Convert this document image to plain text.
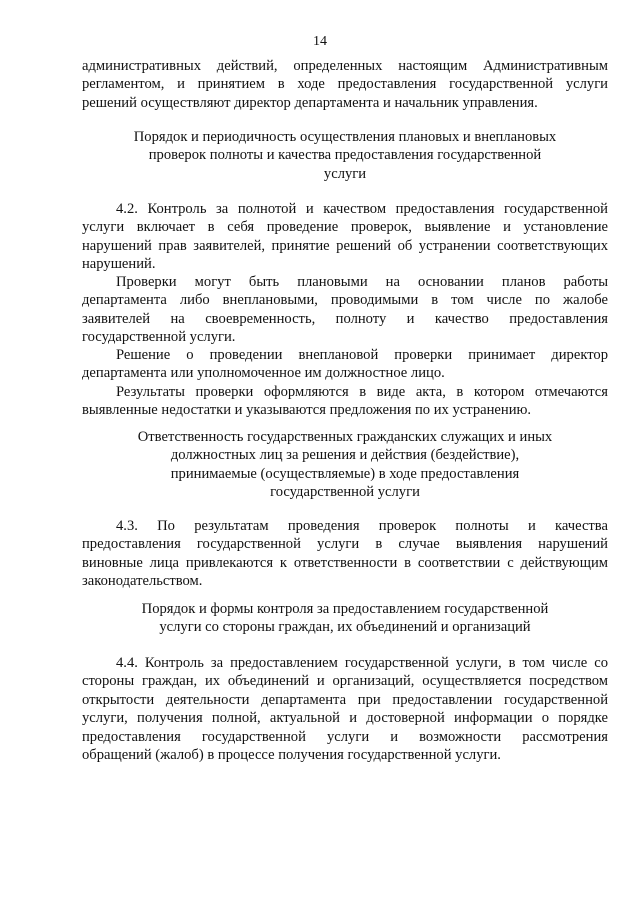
14

административных действий, определенных настоящим Административным

регламентом, и принятием в ходе предоставления государственной услуги

решений осуществляют директор департамента и начальник управления.

Порядок и периодичность осуществления плановых и внеплановых

проверок полноты и качества предоставления государственной

услуги

4.2. Контроль за полнотой и качеством предоставления государственной

услуги включает в себя проведение проверок, выявление и установление

нарушений прав заявителей, принятие решений об устранении соответствующих

нарушений.

Проверки могут быть плановыми на основании планов работы

департамента либо внеплановыми, проводимыми в том числе по жалобе

заявителей на своевременность, полноту и качество предоставления

государственной услуги.

Решение о проведении внеплановой проверки принимает директор

департамента или уполномоченное им должностное лицо.

Результаты проверки оформляются в виде акта, в котором отмечаются

выявленные недостатки и указываются предложения по их устранению.

Ответственность государственных гражданских служащих и иных

должностных лиц за решения и действия (бездействие),

принимаемые (осуществляемые) в ходе предоставления

государственной услуги

4.3. По результатам проведения проверок полноты и качества

предоставления государственной услуги в случае выявления нарушений

виновные лица привлекаются к ответственности в соответствии с действующим

законодательством.

Порядок и формы контроля за предоставлением государственной

услуги со стороны граждан, их объединений и организаций

4.4. Контроль за предоставлением государственной услуги, в том числе со

стороны граждан, их объединений и организаций, осуществляется посредством

открытости деятельности департамента при предоставлении государственной

услуги, получения полной, актуальной и достоверной информации о порядке

предоставления государственной услуги и возможности рассмотрения

обращений (жалоб) в процессе получения государственной услуги.
